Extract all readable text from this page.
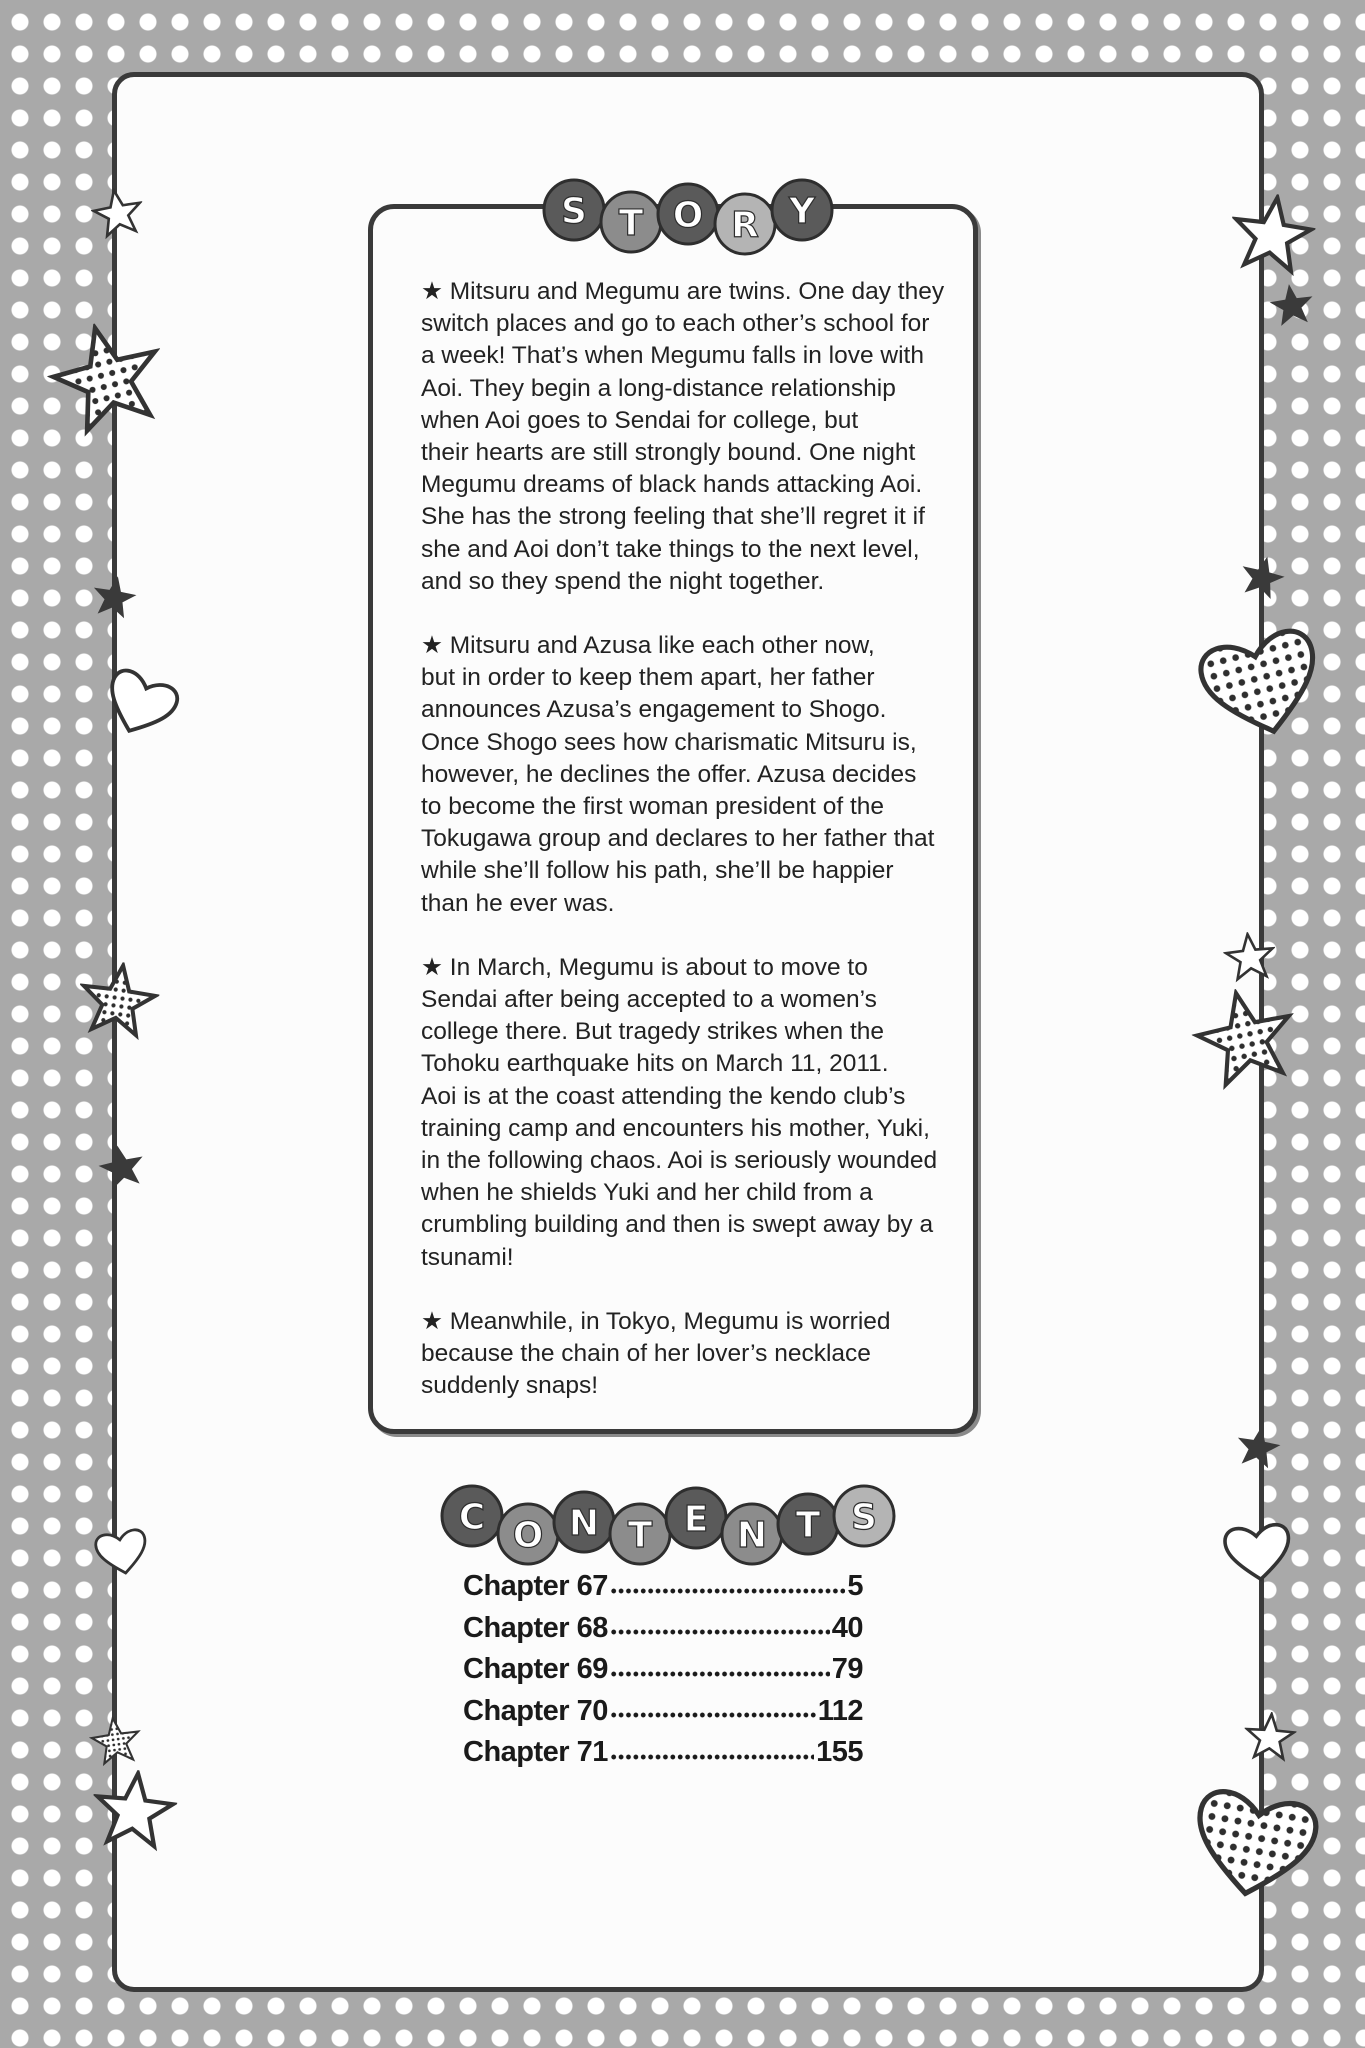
S T O R Y

★ Mitsuru and Megumu are twins. One day they
switch places and go to each other’s school for
a week! That’s when Megumu falls in love with
Aoi. They begin a long-distance relationship
when Aoi goes to Sendai for college, but
their hearts are still strongly bound. One night
Megumu dreams of black hands attacking Aoi.
She has the strong feeling that she’ll regret it if
she and Aoi don’t take things to the next level,
and so they spend the night together.

★ Mitsuru and Azusa like each other now,
but in order to keep them apart, her father
announces Azusa’s engagement to Shogo.
Once Shogo sees how charismatic Mitsuru is,
however, he declines the offer. Azusa decides
to become the first woman president of the
Tokugawa group and declares to her father that
while she’ll follow his path, she’ll be happier
than he ever was.

★ In March, Megumu is about to move to
Sendai after being accepted to a women’s
college there. But tragedy strikes when the
Tohoku earthquake hits on March 11, 2011.
Aoi is at the coast attending the kendo club’s
training camp and encounters his mother, Yuki,
in the following chaos. Aoi is seriously wounded
when he shields Yuki and her child from a
crumbling building and then is swept away by a
tsunami!

★ Meanwhile, in Tokyo, Megumu is worried
because the chain of her lover’s necklace
suddenly snaps!

C O N T E N T S
Chapter 67	5
Chapter 68	40
Chapter 69	79
Chapter 70	112
Chapter 71	155
